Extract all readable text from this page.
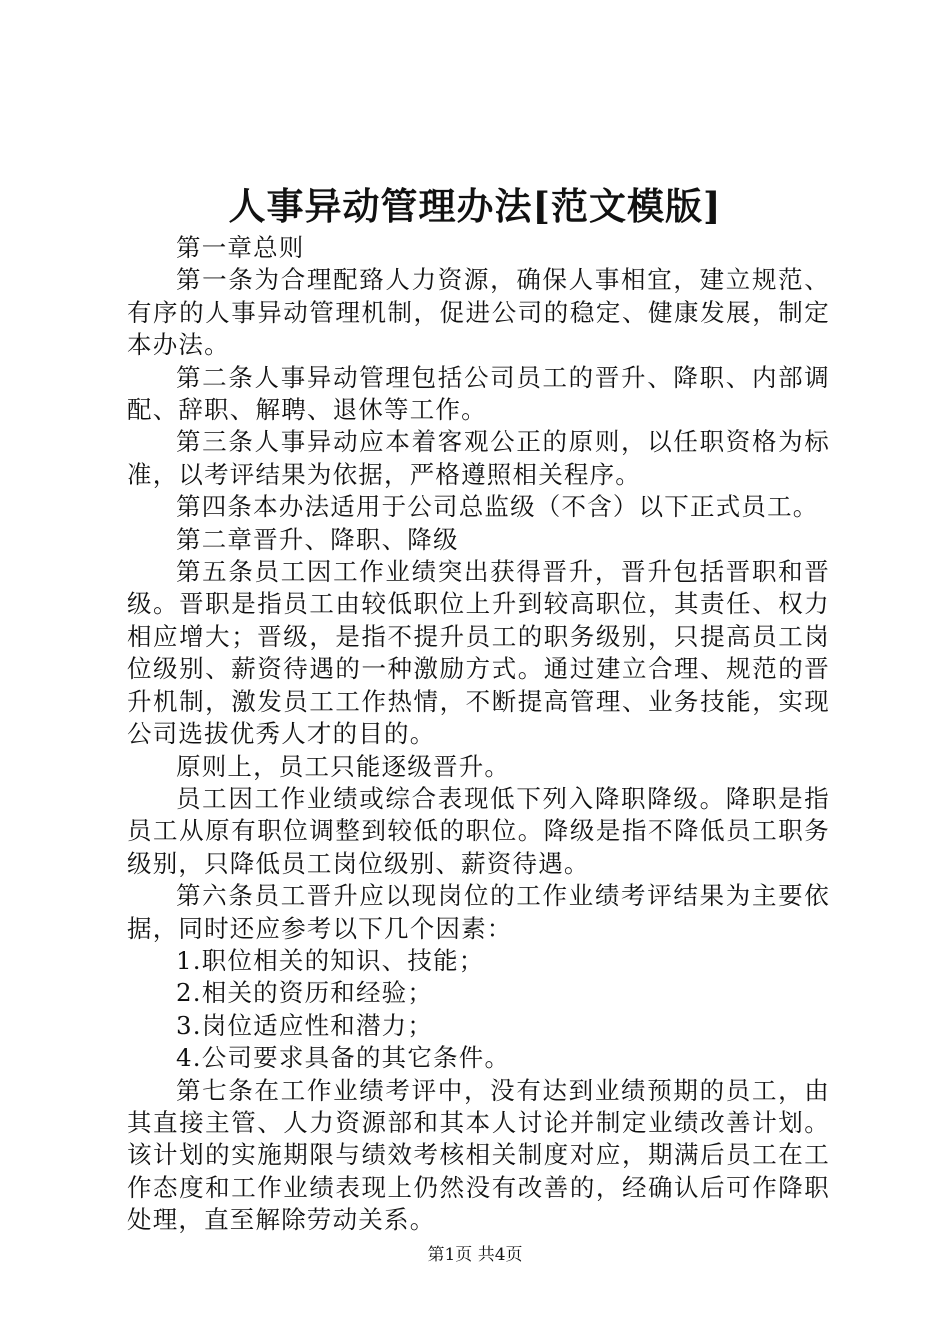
人事异动管理办法[范文模版]

第一章总则

第一条为合理配臵人力资源，确保人事相宜，建立规范、有序的人事异动管理机制，促进公司的稳定、健康发展，制定本办法。

第二条人事异动管理包括公司员工的晋升、降职、内部调配、辞职、解聘、退休等工作。

第三条人事异动应本着客观公正的原则，以任职资格为标准，以考评结果为依据，严格遵照相关程序。

第四条本办法适用于公司总监级（不含）以下正式员工。

第二章晋升、降职、降级

第五条员工因工作业绩突出获得晋升，晋升包括晋职和晋级。晋职是指员工由较低职位上升到较高职位，其责任、权力相应增大；晋级，是指不提升员工的职务级别，只提高员工岗位级别、薪资待遇的一种激励方式。通过建立合理、规范的晋升机制，激发员工工作热情，不断提高管理、业务技能，实现公司选拔优秀人才的目的。

原则上，员工只能逐级晋升。

员工因工作业绩或综合表现低下列入降职降级。降职是指员工从原有职位调整到较低的职位。降级是指不降低员工职务级别，只降低员工岗位级别、薪资待遇。

第六条员工晋升应以现岗位的工作业绩考评结果为主要依据，同时还应参考以下几个因素：

1.职位相关的知识、技能；

2.相关的资历和经验；

3.岗位适应性和潜力；

4.公司要求具备的其它条件。

第七条在工作业绩考评中，没有达到业绩预期的员工，由其直接主管、人力资源部和其本人讨论并制定业绩改善计划。该计划的实施期限与绩效考核相关制度对应，期满后员工在工作态度和工作业绩表现上仍然没有改善的，经确认后可作降职处理，直至解除劳动关系。

第1页 共4页
